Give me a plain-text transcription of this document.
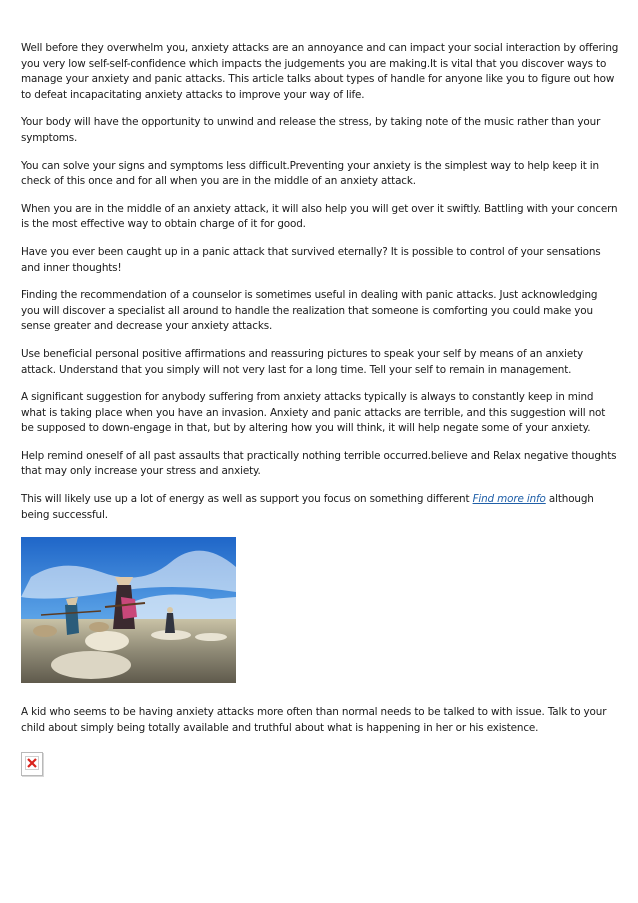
Well before they overwhelm you, anxiety attacks are an annoyance and can impact your social interaction by offering you very low self-self-confidence which impacts the judgements you are making.It is vital that you discover ways to manage your anxiety and panic attacks. This article talks about types of handle for anyone like you to figure out how to defeat incapacitating anxiety attacks to improve your way of life.

Your body will have the opportunity to unwind and release the stress, by taking note of the music rather than your symptoms.

You can solve your signs and symptoms less difficult.Preventing your anxiety is the simplest way to help keep it in check of this once and for all when you are in the middle of an anxiety attack.

When you are in the middle of an anxiety attack, it will also help you will get over it swiftly. Battling with your concern is the most effective way to obtain charge of it for good.

Have you ever been caught up in a panic attack that survived eternally? It is possible to control of your sensations and inner thoughts!

Finding the recommendation of a counselor is sometimes useful in dealing with panic attacks. Just acknowledging you will discover a specialist all around to handle the realization that someone is comforting you could make you sense greater and decrease your anxiety attacks.

Use beneficial personal positive affirmations and reassuring pictures to speak your self by means of an anxiety attack. Understand that you simply will not very last for a long time. Tell your self to remain in management.

A significant suggestion for anybody suffering from anxiety attacks typically is always to constantly keep in mind what is taking place when you have an invasion. Anxiety and panic attacks are terrible, and this suggestion will not be supposed to down-engage in that, but by altering how you will think, it will help negate some of your anxiety.

Help remind oneself of all past assaults that practically nothing terrible occurred.believe and Relax negative thoughts that may only increase your stress and anxiety.

This will likely use up a lot of energy as well as support you focus on something different Find more info although being successful.

A kid who seems to be having anxiety attacks more often than normal needs to be talked to with issue. Talk to your child about simply being totally available and truthful about what is happening in her or his existence.
